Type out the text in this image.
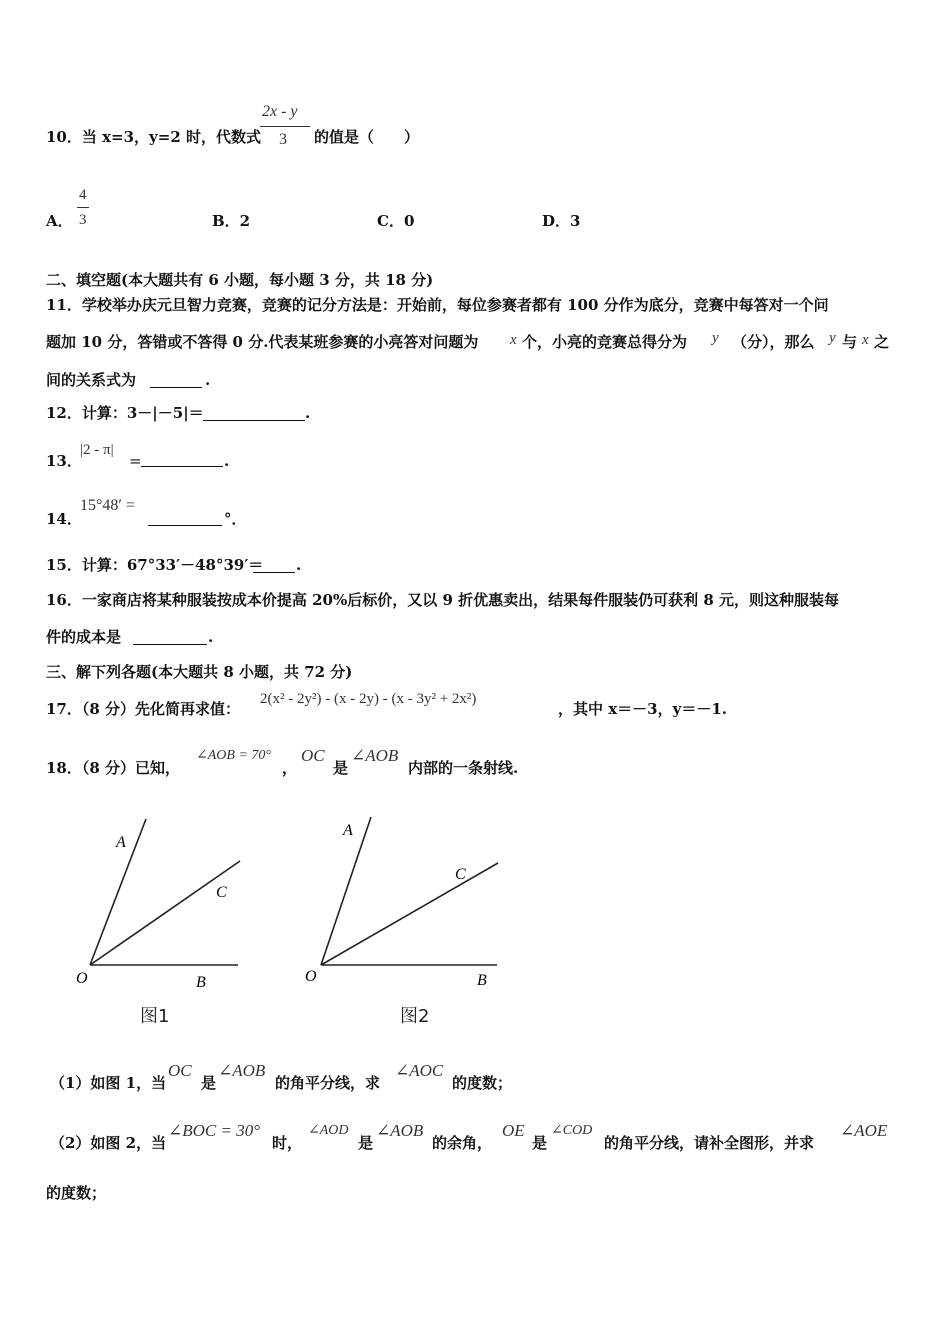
10．当 x=3，y=2 时，代数式
2x - y
3 的值是（　　）
A．
4
3	B．2	C．0	D．3
二、填空题(本大题共有 6 小题，每小题 3 分，共 18 分)
11．学校举办庆元旦智力竞赛，竞赛的记分方法是：开始前，每位参赛者都有 100 分作为底分，竞赛中每答对一个问
题加 10 分，答错或不答得 0 分.代表某班参赛的小亮答对问题为 x 个，小亮的竞赛总得分为 y （分），那么 y 与 x 之
间的关系式为	.
12．计算：3－|－5|＝	.
13．
|2 - π|
=	.
14．
15°48′ =
°．
15．计算：67°33′－48°39′＝ .
16．一家商店将某种服装按成本价提高 20%后标价，又以 9 折优惠卖出，结果每件服装仍可获利 8 元，则这种服装每
件的成本是	.
三、解下列各题(本大题共 8 小题，共 72 分)
17．（8 分）先化简再求值：
2(x² - 2y²) - (x - 2y) - (x - 3y² + 2x²)
，其中 x＝－3，y＝－1.
18．（8 分）已知，
∠AOB = 70°
，
OC
是
∠AOB
内部的一条射线.
A
C
B
O
图1
A
C
B
O
图2
（1）如图 1，当
OC
是
∠AOB
的角平分线，求
∠AOC
的度数；
（2）如图 2，当
∠BOC = 30°
时，
∠AOD
是
∠AOB
的余角，
OE
是
∠COD
的角平分线，请补全图形，并求
∠AOE
的度数；
